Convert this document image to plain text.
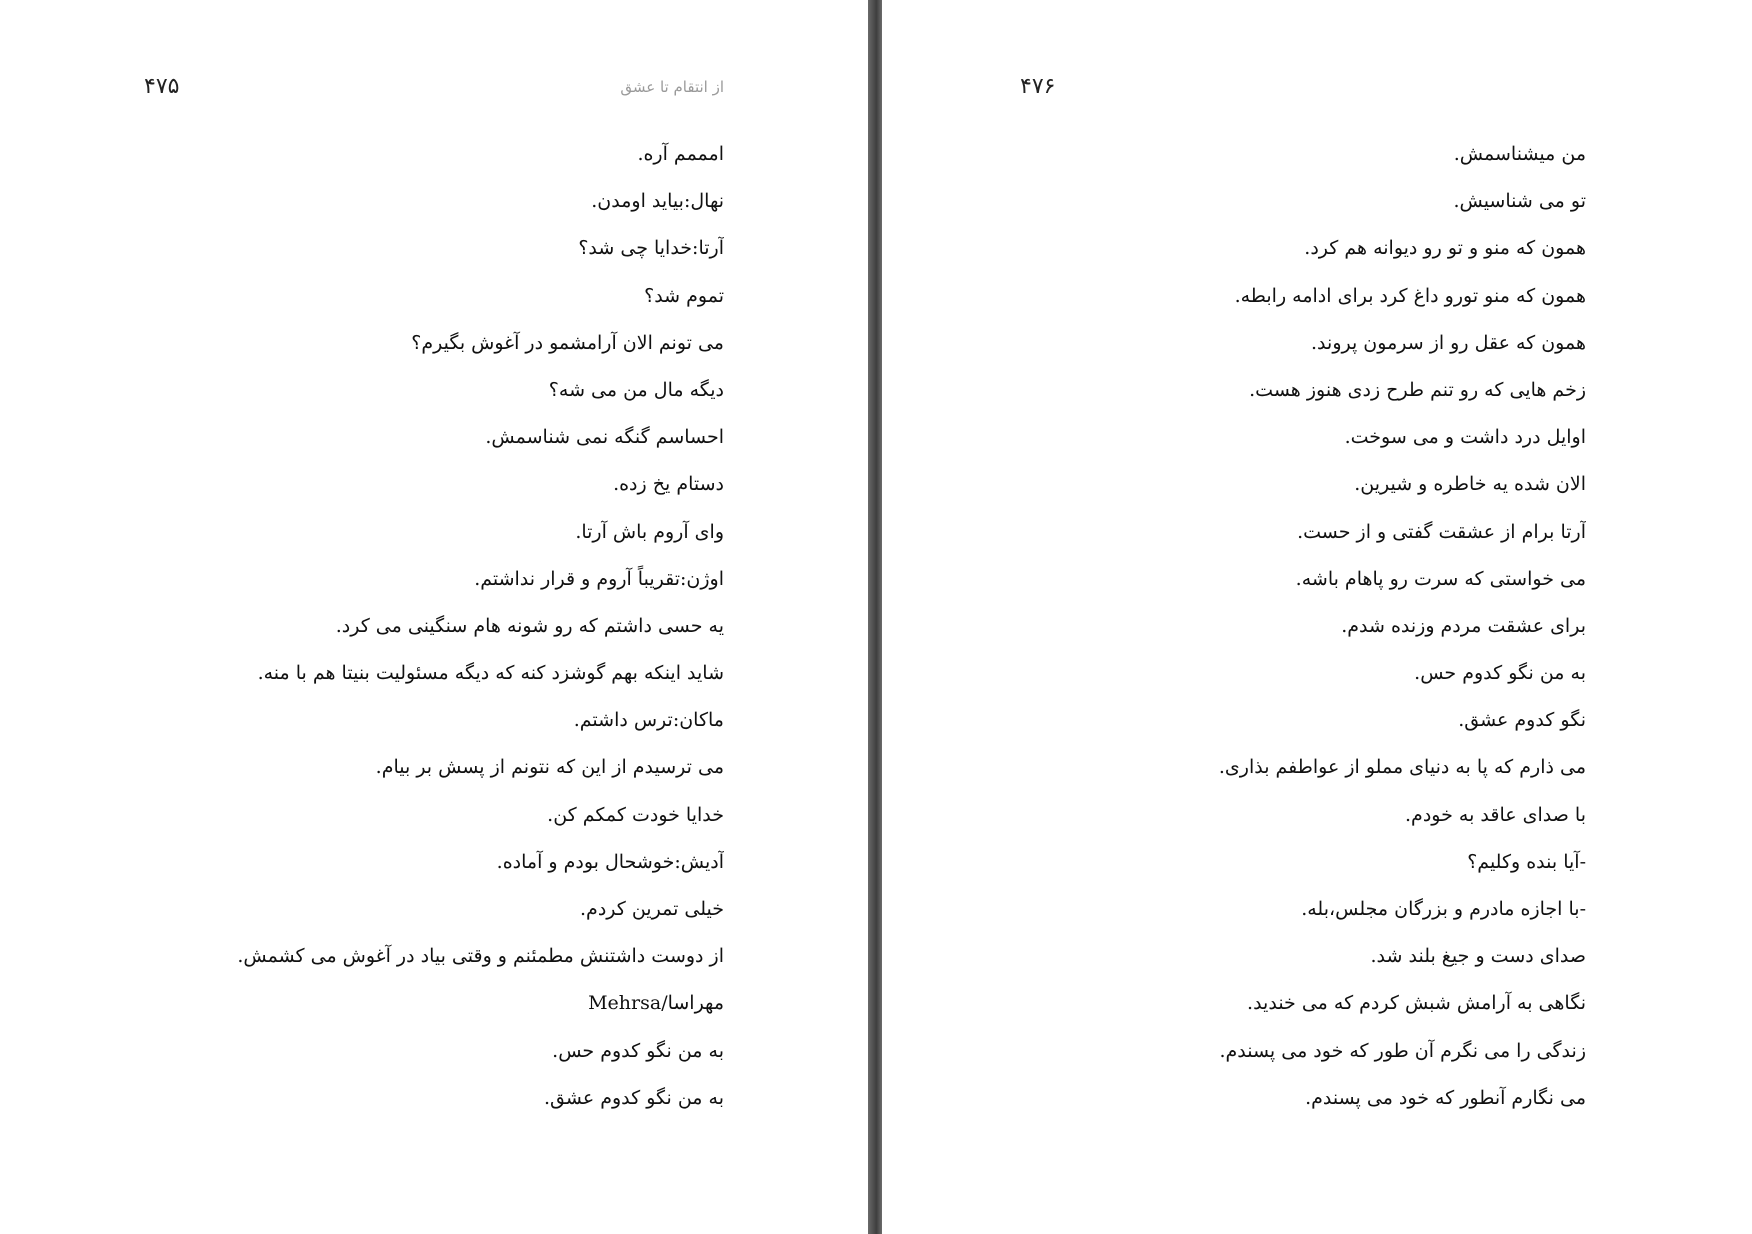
۴۷۵	از انتقام تا عشق
امممم آره.
نهال:بیاید اومدن.
آرتا:خدایا چی شد؟
تموم شد؟
می تونم الان آرامشمو در آغوش بگیرم؟
دیگه مال من می شه؟
احساسم گنگه نمی شناسمش.
دستام یخ زده.
وای آروم باش آرتا.
اوژن:تقریباً آروم و قرار نداشتم.
یه حسی داشتم که رو شونه هام سنگینی می کرد.
شاید اینکه بهم گوشزد کنه که دیگه مسئولیت بنیتا هم با منه.
ماکان:ترس داشتم.
می ترسیدم از این که نتونم از پسش بر بیام.
خدایا خودت کمکم کن.
آدیش:خوشحال بودم و آماده.
خیلی تمرین کردم.
از دوست داشتنش مطمئنم و وقتی بیاد در آغوش می کشمش.
مهراسا/Mehrsa
به من نگو کدوم حس.
به من نگو کدوم عشق.
۴۷۶
من میشناسمش.
تو می شناسیش.
همون که منو و تو رو دیوانه هم کرد.
همون که منو تورو داغ کرد برای ادامه رابطه.
همون که عقل رو از سرمون پروند.
زخم هایی که رو تنم طرح زدی هنوز هست.
اوایل درد داشت و می سوخت.
الان شده یه خاطره و شیرین.
آرتا برام از عشقت گفتی و از حست.
می خواستی که سرت رو پاهام باشه.
برای عشقت مردم وزنده شدم.
به من نگو کدوم حس.
نگو کدوم عشق.
می ذارم که پا به دنیای مملو از عواطفم بذاری.
با صدای عاقد به خودم.
-آیا بنده وکلیم؟
-با اجازه مادرم و بزرگان مجلس،بله.
صدای دست و جیغ بلند شد.
نگاهی به آرامش شبش کردم که می خندید.
زندگی را می نگرم آن طور که خود می پسندم.
می نگارم آنطور که خود می پسندم.
